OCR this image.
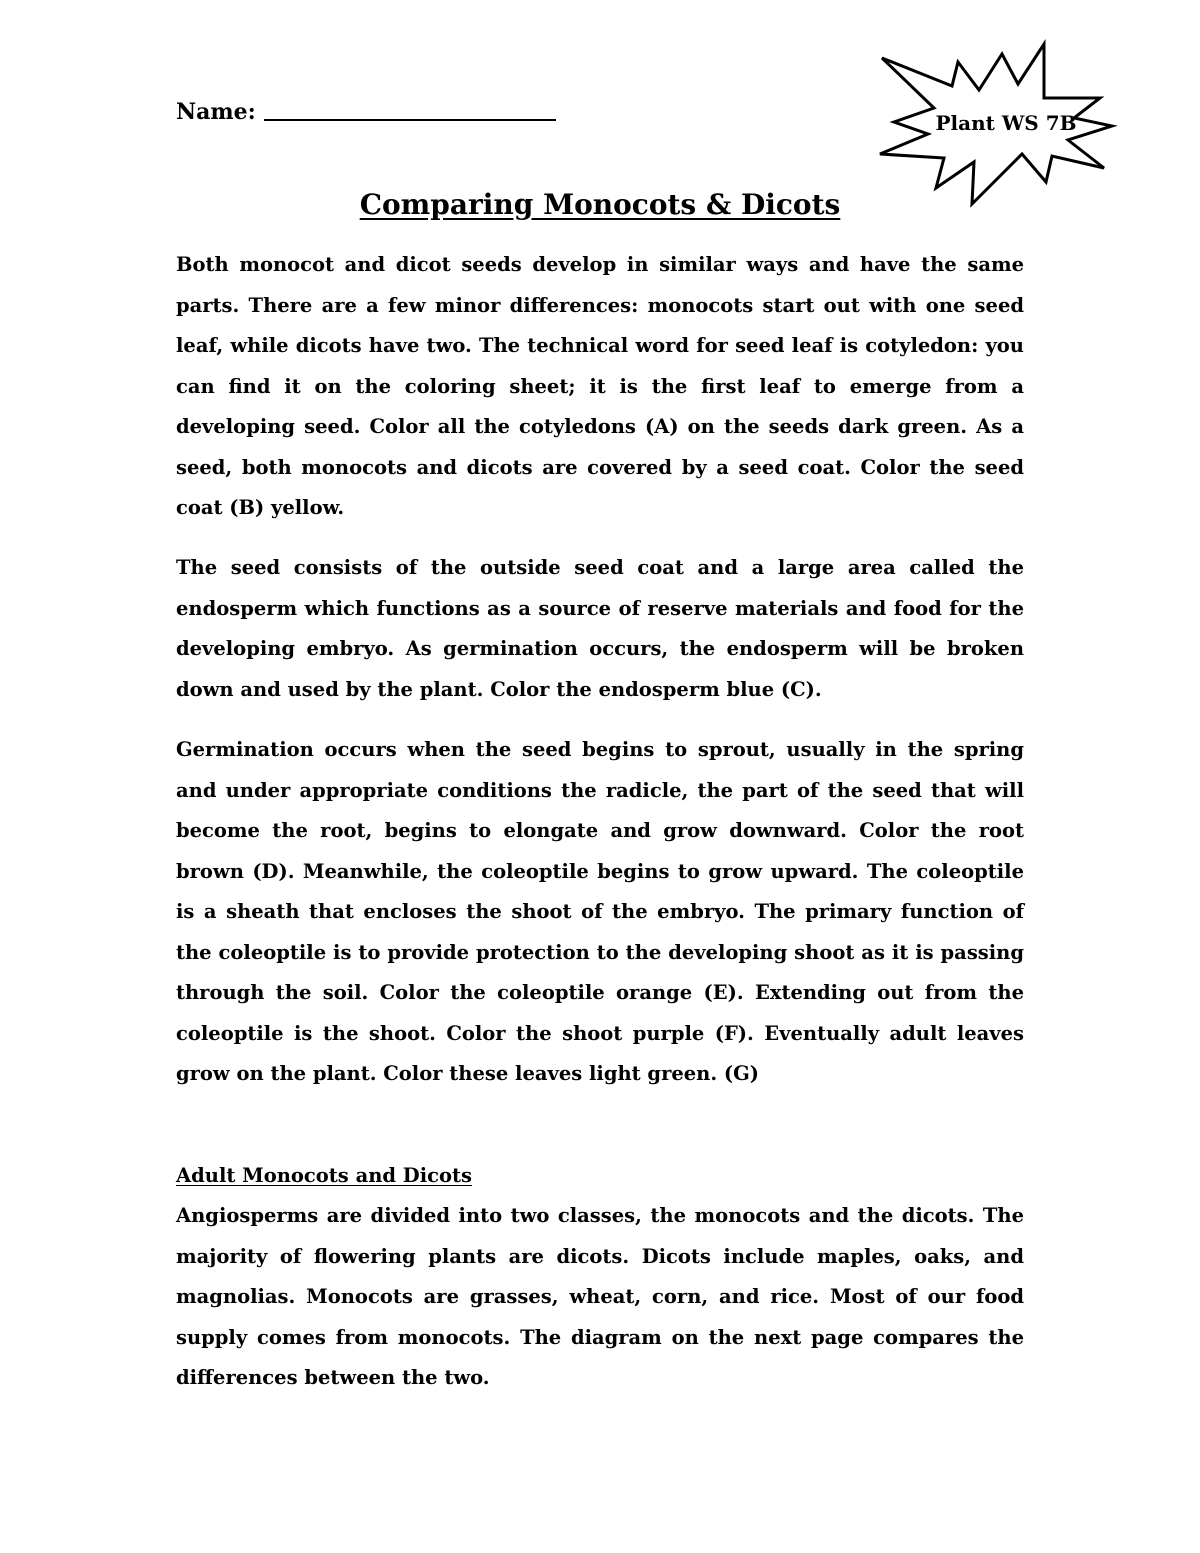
Name:	Plant WS 7B
Comparing Monocots & Dicots

Both monocot and dicot seeds develop in similar ways and have the same parts. There are a few minor differences: monocots start out with one seed leaf, while dicots have two. The technical word for seed leaf is cotyledon: you can find it on the coloring sheet; it is the first leaf to emerge from a developing seed. Color all the cotyledons (A) on the seeds dark green. As a seed, both monocots and dicots are covered by a seed coat. Color the seed coat (B) yellow.

The seed consists of the outside seed coat and a large area called the endosperm which functions as a source of reserve materials and food for the developing embryo. As germination occurs, the endosperm will be broken down and used by the plant. Color the endosperm blue (C).

Germination occurs when the seed begins to sprout, usually in the spring and under appropriate conditions the radicle, the part of the seed that will become the root, begins to elongate and grow downward. Color the root brown (D). Meanwhile, the coleoptile begins to grow upward. The coleoptile is a sheath that encloses the shoot of the embryo. The primary function of the coleoptile is to provide protection to the developing shoot as it is passing through the soil. Color the coleoptile orange (E). Extending out from the coleoptile is the shoot. Color the shoot purple (F). Eventually adult leaves grow on the plant. Color these leaves light green. (G)

Adult Monocots and Dicots

Angiosperms are divided into two classes, the monocots and the dicots. The majority of flowering plants are dicots. Dicots include maples, oaks, and magnolias. Monocots are grasses, wheat, corn, and rice. Most of our food supply comes from monocots. The diagram on the next page compares the differences between the two.
